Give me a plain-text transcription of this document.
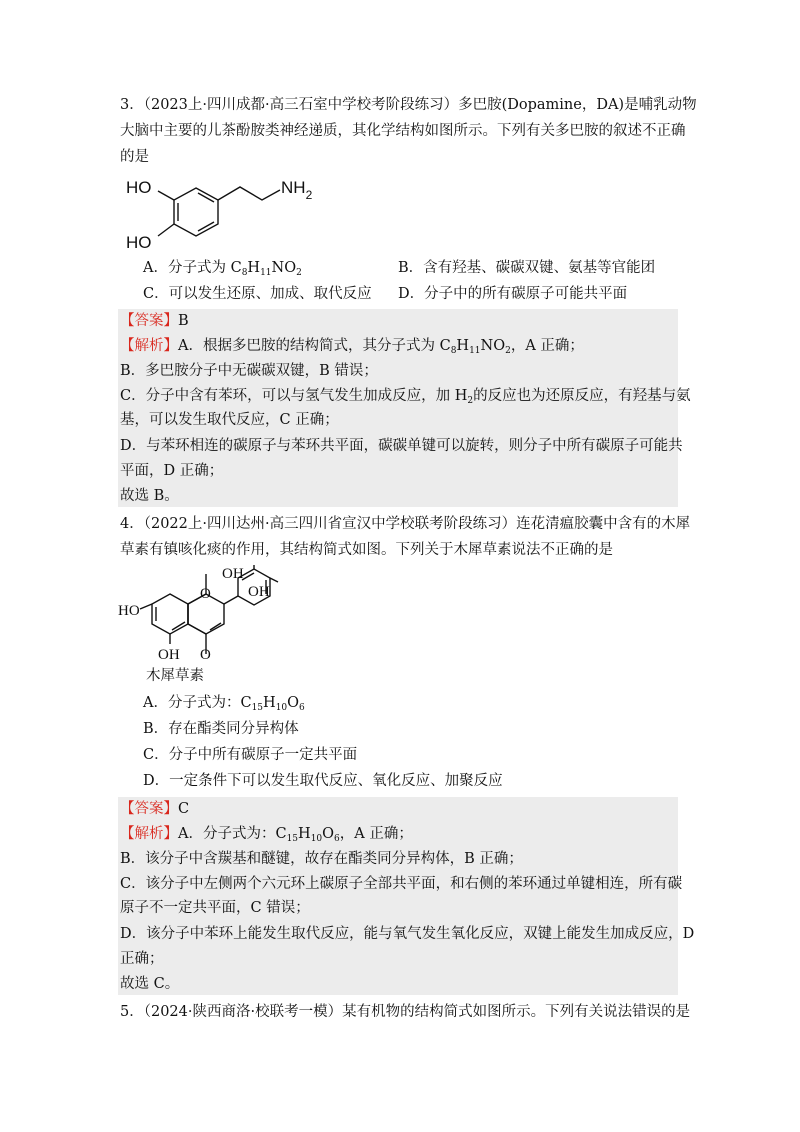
3．（2023上·四川成都·高三石室中学校考阶段练习）多巴胺(Dopamine，DA)是哺乳动物
大脑中主要的儿茶酚胺类神经递质，其化学结构如图所示。下列有关多巴胺的叙述不正确
的是
HO
HO
$NH_2$
A．分子式为 $C_8H_{11}NO_2$	B．含有羟基、碳碳双键、氨基等官能团
C．可以发生还原、加成、取代反应 D．分子中的所有碳原子可能共平面
【答案】B
【解析】A．根据多巴胺的结构简式，其分子式为 $C_8H_{11}NO_2$，A 正确；
B．多巴胺分子中无碳碳双键，B 错误；
C．分子中含有苯环，可以与氢气发生加成反应，加 $H_2$的反应也为还原反应，有羟基与氨
基，可以发生取代反应，C 正确；
D．与苯环相连的碳原子与苯环共平面，碳碳单键可以旋转，则分子中所有碳原子可能共
平面，D 正确；
故选 B。
4．（2022上·四川达州·高三四川省宣汉中学校联考阶段练习）连花清瘟胶囊中含有的木犀
草素有镇咳化痰的作用，其结构简式如图。下列关于木犀草素说法不正确的是
OH
OH
HO
OH
O
O
木犀草素
A．分子式为：$C_{15}H_{10}O_6$
B．存在酯类同分异构体
C．分子中所有碳原子一定共平面
D．一定条件下可以发生取代反应、氧化反应、加聚反应
【答案】C
【解析】A．分子式为：$C_{15}H_{10}O_6$，A 正确；
B．该分子中含羰基和醚键，故存在酯类同分异构体，B 正确；
C．该分子中左侧两个六元环上碳原子全部共平面，和右侧的苯环通过单键相连，所有碳
原子不一定共平面，C 错误；
D．该分子中苯环上能发生取代反应，能与氧气发生氧化反应，双键上能发生加成反应，D
正确；
故选 C。
5．（2024·陕西商洛·校联考一模）某有机物的结构简式如图所示。下列有关说法错误的是
